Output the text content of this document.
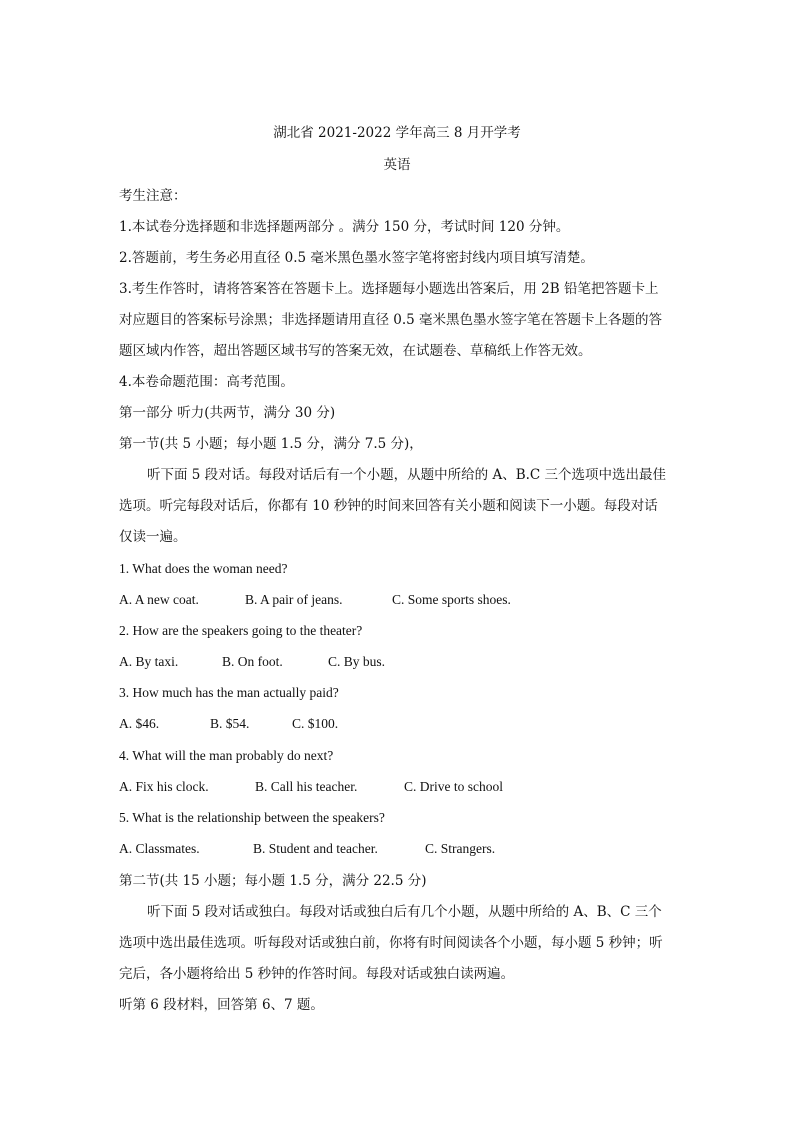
湖北省 2021-2022 学年高三 8 月开学考
英语
考生注意：
1.本试卷分选择题和非选择题两部分 。满分 150 分，考试时间 120 分钟。
2.答题前，考生务必用直径 0.5 毫米黑色墨水签字笔将密封线内项目填写清楚。
3.考生作答时，请将答案答在答题卡上。选择题每小题选出答案后，用 2B 铅笔把答题卡上
对应题目的答案标号涂黑；非选择题请用直径 0.5 毫米黑色墨水签字笔在答题卡上各题的答
题区域内作答，超出答题区域书写的答案无效，在试题卷、草稿纸上作答无效。
4.本卷命题范围：高考范围。
第一部分 听力(共两节，满分 30 分)
第一节(共 5 小题；每小题 1.5 分，满分 7.5 分)，
听下面 5 段对话。每段对话后有一个小题，从题中所给的 A、B.C 三个选项中选出最佳
选项。听完每段对话后，你都有 10 秒钟的时间来回答有关小题和阅读下一小题。每段对话
仅读一遍。
1. What does the woman need?
A. A new coat.	B. A pair of jeans.	C. Some sports shoes.
2. How are the speakers going to the theater?
A. By taxi.	B. On foot.	C. By bus.
3. How much has the man actually paid?
A. $46.	B. $54.	C. $100.
4. What will the man probably do next?
A. Fix his clock.	B. Call his teacher.	C. Drive to school
5. What is the relationship between the speakers?
A. Classmates.	B. Student and teacher.	C. Strangers.
第二节(共 15 小题；每小题 1.5 分，满分 22.5 分)
听下面 5 段对话或独白。每段对话或独白后有几个小题，从题中所给的 A、B、C 三个
选项中选出最佳选项。听每段对话或独白前，你将有时间阅读各个小题，每小题 5 秒钟；听
完后，各小题将给出 5 秒钟的作答时间。每段对话或独白读两遍。
听第 6 段材料，回答第 6、7 题。
